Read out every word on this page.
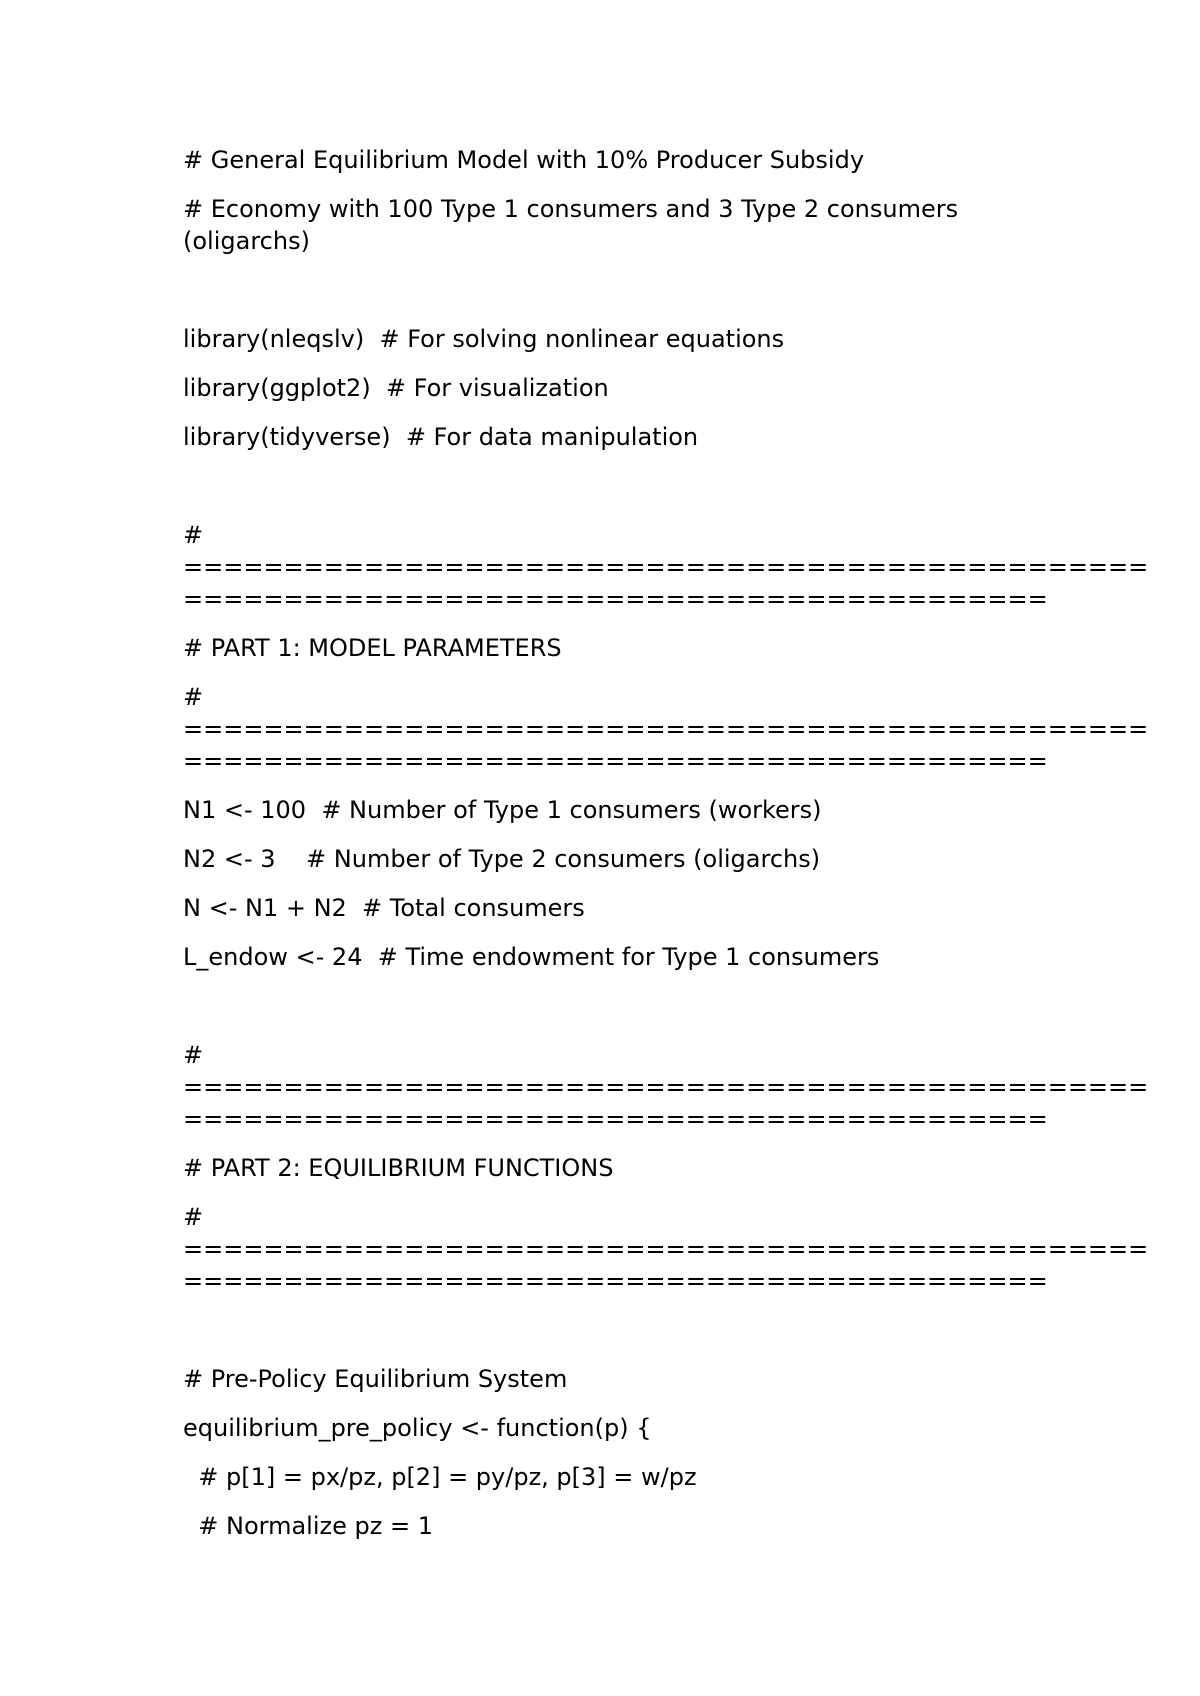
# General Equilibrium Model with 10% Producer Subsidy

# Economy with 100 Type 1 consumers and 3 Type 2 consumers

(oligarchs)

library(nleqslv)  # For solving nonlinear equations

library(ggplot2)  # For visualization

library(tidyverse)  # For data manipulation

#

================================================

===========================================

# PART 1: MODEL PARAMETERS

#

================================================

===========================================

N1 <- 100  # Number of Type 1 consumers (workers)

N2 <- 3    # Number of Type 2 consumers (oligarchs)

N <- N1 + N2  # Total consumers

L_endow <- 24  # Time endowment for Type 1 consumers

#

================================================

===========================================

# PART 2: EQUILIBRIUM FUNCTIONS

#

================================================

===========================================

# Pre-Policy Equilibrium System

equilibrium_pre_policy <- function(p) {

# p[1] = px/pz, p[2] = py/pz, p[3] = w/pz

# Normalize pz = 1
